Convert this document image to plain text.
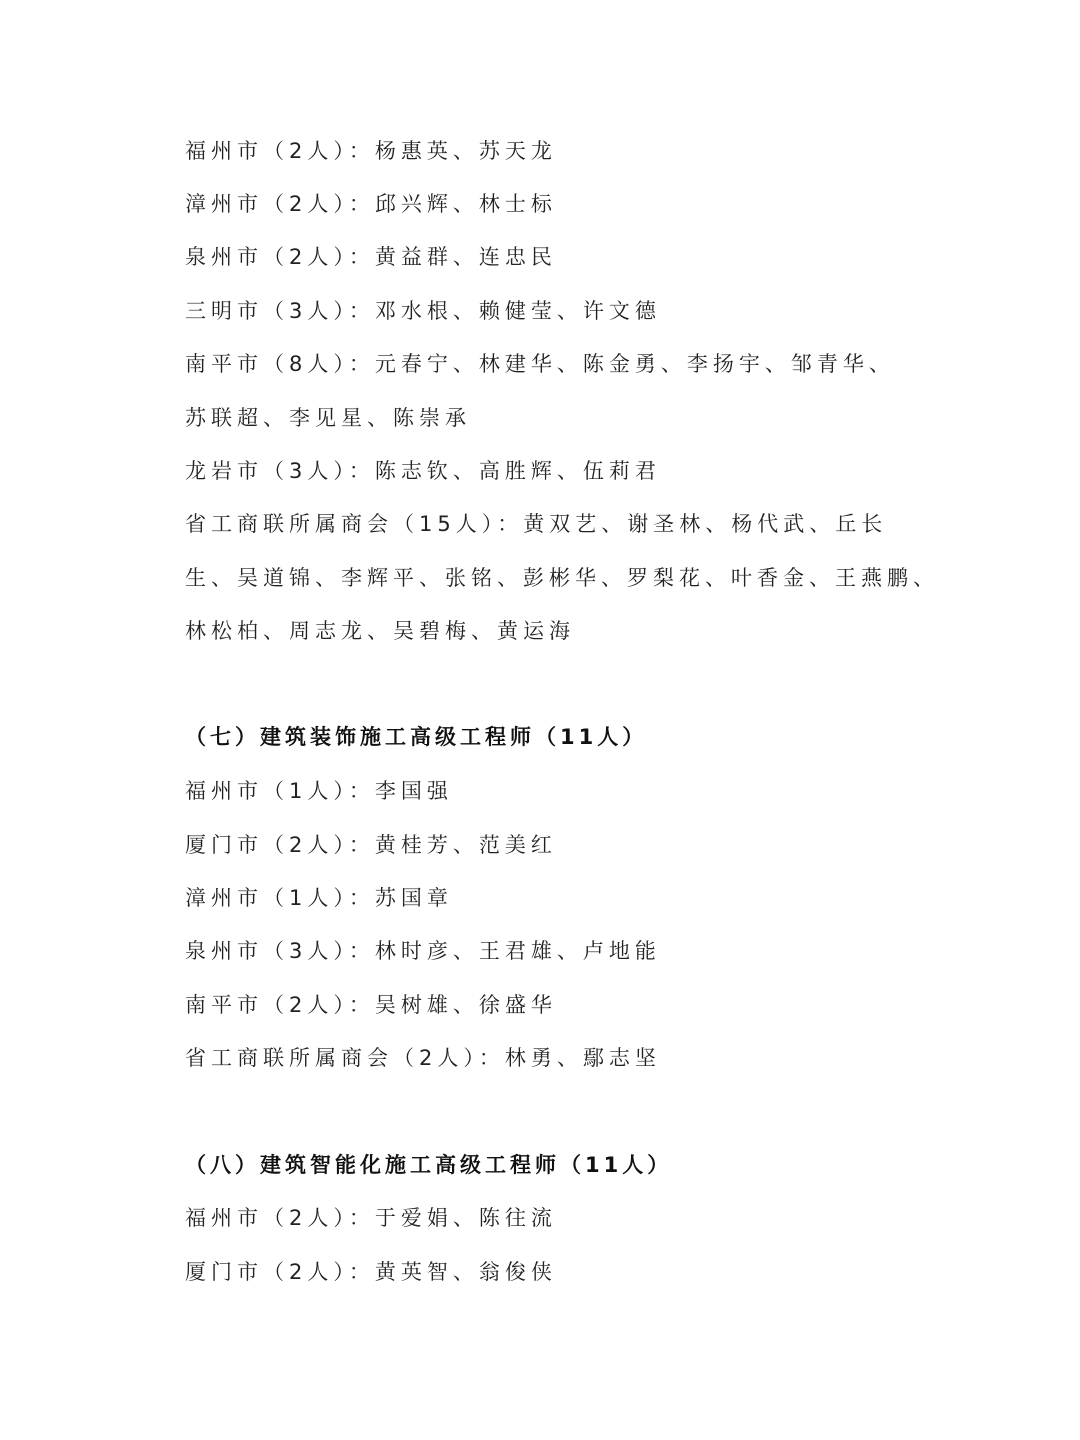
福州市（2人）：杨惠英、苏天龙
漳州市（2人）：邱兴辉、林士标
泉州市（2人）：黄益群、连忠民
三明市（3人）：邓水根、赖健莹、许文德
南平市（8人）：元春宁、林建华、陈金勇、李扬宇、邹青华、
苏联超、李见星、陈崇承
龙岩市（3人）：陈志钦、高胜辉、伍莉君
省工商联所属商会（15人）：黄双艺、谢圣林、杨代武、丘长
生、吴道锦、李辉平、张铭、彭彬华、罗梨花、叶香金、王燕鹏、
林松柏、周志龙、吴碧梅、黄运海
（七）建筑装饰施工高级工程师（11人）
福州市（1人）：李国强
厦门市（2人）：黄桂芳、范美红
漳州市（1人）：苏国章
泉州市（3人）：林时彦、王君雄、卢地能
南平市（2人）：吴树雄、徐盛华
省工商联所属商会（2人）：林勇、鄢志坚
（八）建筑智能化施工高级工程师（11人）
福州市（2人）：于爱娟、陈往流
厦门市（2人）：黄英智、翁俊侠
